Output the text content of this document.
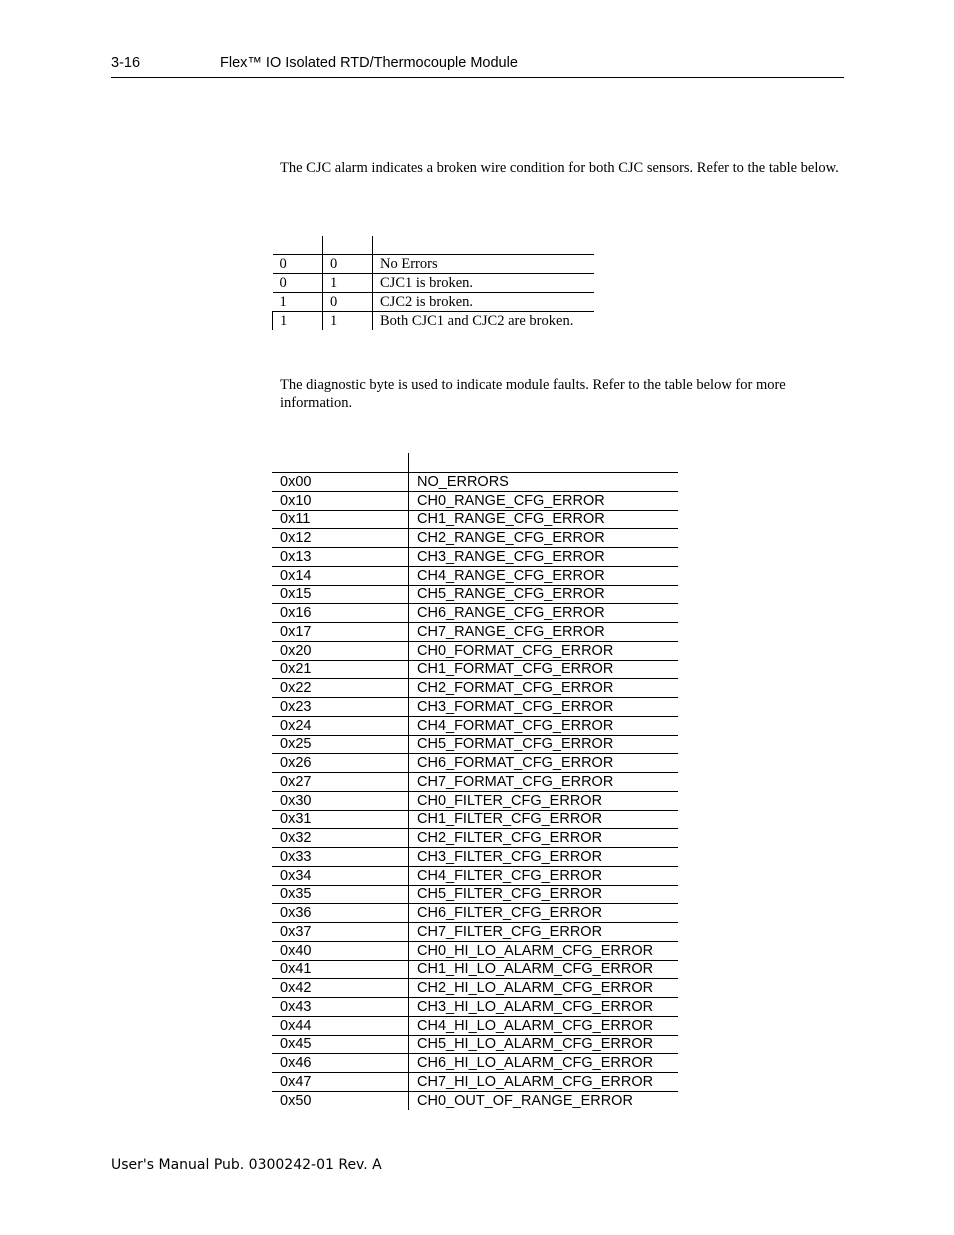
3-16	Flex™ IO Isolated RTD/Thermocouple Module

The CJC alarm indicates a broken wire condition for both CJC sensors. Refer to the table below.

0	0	No Errors
0	1	CJC1 is broken.
1	0	CJC2 is broken.
1	1	Both CJC1 and CJC2 are broken.

The diagnostic byte is used to indicate module faults. Refer to the table below for more information.

0x00	NO_ERRORS
0x10	CH0_RANGE_CFG_ERROR
0x11	CH1_RANGE_CFG_ERROR
0x12	CH2_RANGE_CFG_ERROR
0x13	CH3_RANGE_CFG_ERROR
0x14	CH4_RANGE_CFG_ERROR
0x15	CH5_RANGE_CFG_ERROR
0x16	CH6_RANGE_CFG_ERROR
0x17	CH7_RANGE_CFG_ERROR
0x20	CH0_FORMAT_CFG_ERROR
0x21	CH1_FORMAT_CFG_ERROR
0x22	CH2_FORMAT_CFG_ERROR
0x23	CH3_FORMAT_CFG_ERROR
0x24	CH4_FORMAT_CFG_ERROR
0x25	CH5_FORMAT_CFG_ERROR
0x26	CH6_FORMAT_CFG_ERROR
0x27	CH7_FORMAT_CFG_ERROR
0x30	CH0_FILTER_CFG_ERROR
0x31	CH1_FILTER_CFG_ERROR
0x32	CH2_FILTER_CFG_ERROR
0x33	CH3_FILTER_CFG_ERROR
0x34	CH4_FILTER_CFG_ERROR
0x35	CH5_FILTER_CFG_ERROR
0x36	CH6_FILTER_CFG_ERROR
0x37	CH7_FILTER_CFG_ERROR
0x40	CH0_HI_LO_ALARM_CFG_ERROR
0x41	CH1_HI_LO_ALARM_CFG_ERROR
0x42	CH2_HI_LO_ALARM_CFG_ERROR
0x43	CH3_HI_LO_ALARM_CFG_ERROR
0x44	CH4_HI_LO_ALARM_CFG_ERROR
0x45	CH5_HI_LO_ALARM_CFG_ERROR
0x46	CH6_HI_LO_ALARM_CFG_ERROR
0x47	CH7_HI_LO_ALARM_CFG_ERROR
0x50	CH0_OUT_OF_RANGE_ERROR
User's Manual Pub. 0300242-01 Rev. A
